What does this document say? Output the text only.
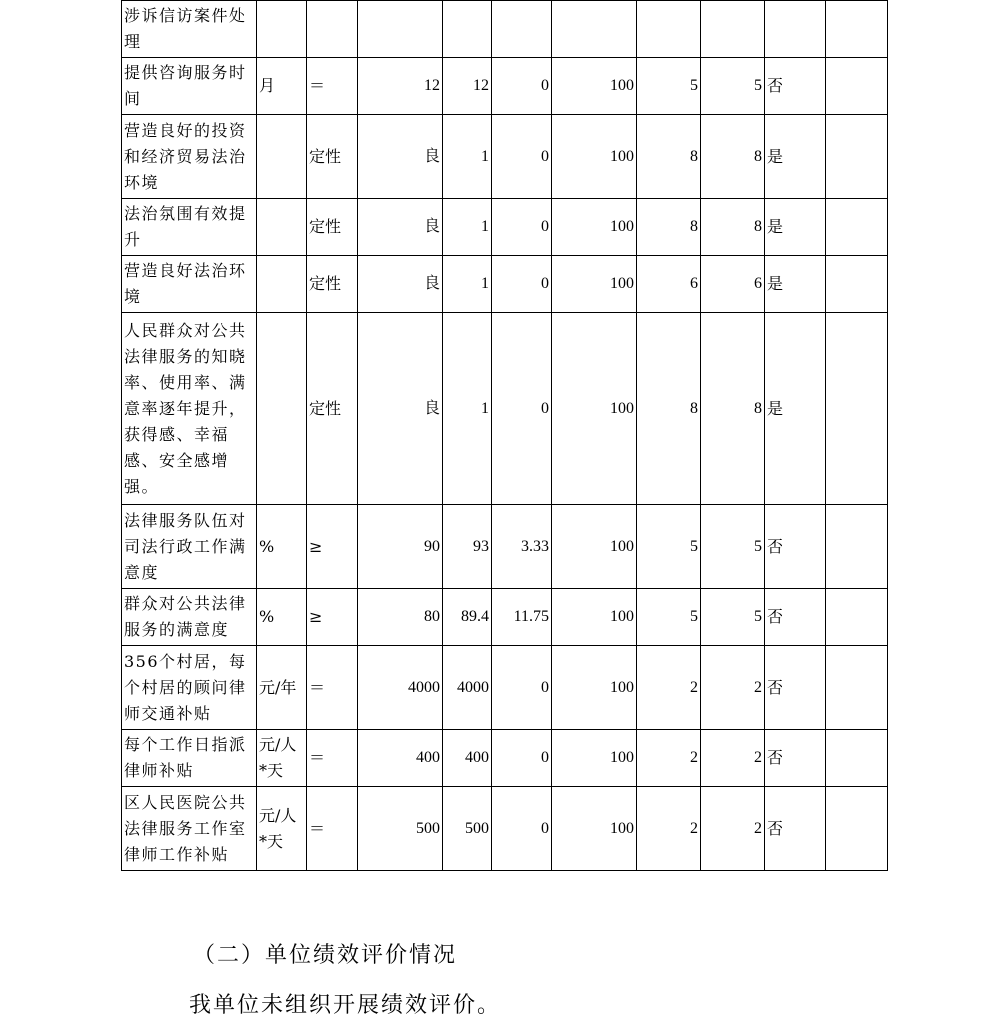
涉诉信访案件处理										
提供咨询服务时间	月	＝	12	12	0	100	5	5	否	
营造良好的投资和经济贸易法治环境		定性	良	1	0	100	8	8	是	
法治氛围有效提升		定性	良	1	0	100	8	8	是	
营造良好法治环境		定性	良	1	0	100	6	6	是	
人民群众对公共法律服务的知晓率、使用率、满意率逐年提升，获得感、幸福感、安全感增强。		定性	良	1	0	100	8	8	是	
法律服务队伍对司法行政工作满意度	%	≥	90	93	3.33	100	5	5	否	
群众对公共法律服务的满意度	%	≥	80	89.4	11.75	100	5	5	否	
356个村居，每个村居的顾问律师交通补贴	元/年	＝	4000	4000	0	100	2	2	否	
每个工作日指派律师补贴	元/人*天	＝	400	400	0	100	2	2	否	
区人民医院公共法律服务工作室律师工作补贴	元/人*天	＝	500	500	0	100	2	2	否	

（二）单位绩效评价情况

我单位未组织开展绩效评价。
